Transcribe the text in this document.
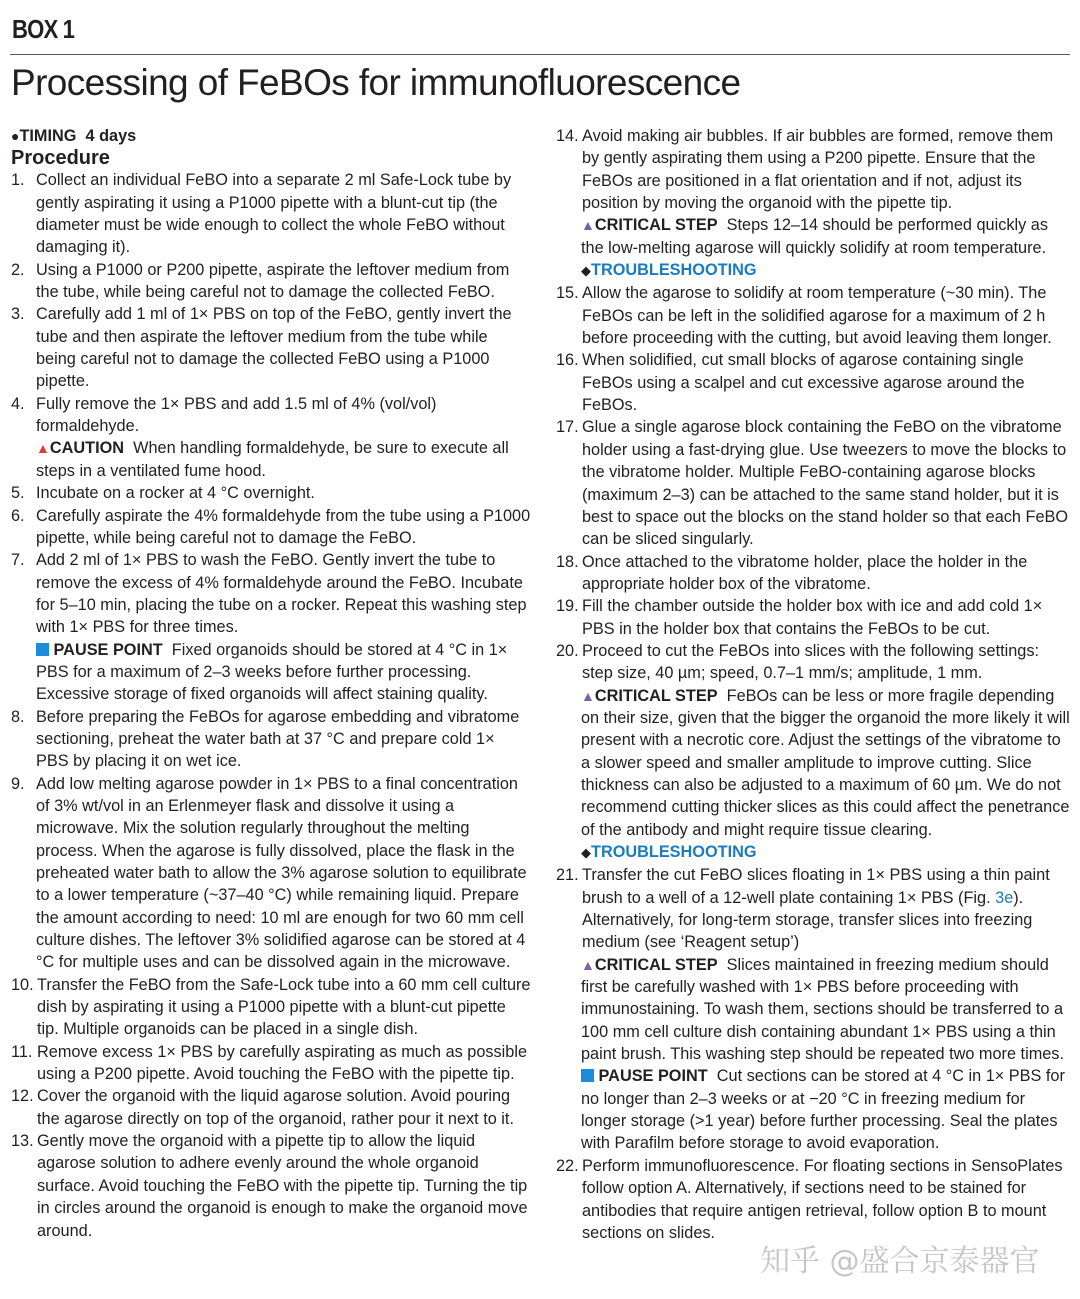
BOX 1
Processing of FeBOs for immunofluorescence
●TIMING 4 days
Procedure
1. Collect an individual FeBO into a separate 2 ml Safe-Lock tube by gently aspirating it using a P1000 pipette with a blunt-cut tip (the diameter must be wide enough to collect the whole FeBO without damaging it).
2. Using a P1000 or P200 pipette, aspirate the leftover medium from the tube, while being careful not to damage the collected FeBO.
3. Carefully add 1 ml of 1× PBS on top of the FeBO, gently invert the tube and then aspirate the leftover medium from the tube while being careful not to damage the collected FeBO using a P1000 pipette.
4. Fully remove the 1× PBS and add 1.5 ml of 4% (vol/vol) formaldehyde.
▲CAUTION When handling formaldehyde, be sure to execute all steps in a ventilated fume hood.
5. Incubate on a rocker at 4 °C overnight.
6. Carefully aspirate the 4% formaldehyde from the tube using a P1000 pipette, while being careful not to damage the FeBO.
7. Add 2 ml of 1× PBS to wash the FeBO. Gently invert the tube to remove the excess of 4% formaldehyde around the FeBO. Incubate for 5–10 min, placing the tube on a rocker. Repeat this washing step with 1× PBS for three times.
PAUSE POINT Fixed organoids should be stored at 4 °C in 1× PBS for a maximum of 2–3 weeks before further processing. Excessive storage of fixed organoids will affect staining quality.
8. Before preparing the FeBOs for agarose embedding and vibratome sectioning, preheat the water bath at 37 °C and prepare cold 1× PBS by placing it on wet ice.
9. Add low melting agarose powder in 1× PBS to a final concentration of 3% wt/vol in an Erlenmeyer flask and dissolve it using a microwave. Mix the solution regularly throughout the melting process. When the agarose is fully dissolved, place the flask in the preheated water bath to allow the 3% agarose solution to equilibrate to a lower temperature (~37–40 °C) while remaining liquid. Prepare the amount according to need: 10 ml are enough for two 60 mm cell culture dishes. The leftover 3% solidified agarose can be stored at 4 °C for multiple uses and can be dissolved again in the microwave.
10. Transfer the FeBO from the Safe-Lock tube into a 60 mm cell culture dish by aspirating it using a P1000 pipette with a blunt-cut pipette tip. Multiple organoids can be placed in a single dish.
11. Remove excess 1× PBS by carefully aspirating as much as possible using a P200 pipette. Avoid touching the FeBO with the pipette tip.
12. Cover the organoid with the liquid agarose solution. Avoid pouring the agarose directly on top of the organoid, rather pour it next to it.
13. Gently move the organoid with a pipette tip to allow the liquid agarose solution to adhere evenly around the whole organoid surface. Avoid touching the FeBO with the pipette tip. Turning the tip in circles around the organoid is enough to make the organoid move around.
14. Avoid making air bubbles. If air bubbles are formed, remove them by gently aspirating them using a P200 pipette. Ensure that the FeBOs are positioned in a flat orientation and if not, adjust its position by moving the organoid with the pipette tip.
▲CRITICAL STEP Steps 12–14 should be performed quickly as the low-melting agarose will quickly solidify at room temperature.
◆TROUBLESHOOTING
15. Allow the agarose to solidify at room temperature (~30 min). The FeBOs can be left in the solidified agarose for a maximum of 2 h before proceeding with the cutting, but avoid leaving them longer.
16. When solidified, cut small blocks of agarose containing single FeBOs using a scalpel and cut excessive agarose around the FeBOs.
17. Glue a single agarose block containing the FeBO on the vibratome holder using a fast-drying glue. Use tweezers to move the blocks to the vibratome holder. Multiple FeBO-containing agarose blocks (maximum 2–3) can be attached to the same stand holder, but it is best to space out the blocks on the stand holder so that each FeBO can be sliced singularly.
18. Once attached to the vibratome holder, place the holder in the appropriate holder box of the vibratome.
19. Fill the chamber outside the holder box with ice and add cold 1× PBS in the holder box that contains the FeBOs to be cut.
20. Proceed to cut the FeBOs into slices with the following settings: step size, 40 µm; speed, 0.7–1 mm/s; amplitude, 1 mm.
▲CRITICAL STEP FeBOs can be less or more fragile depending on their size, given that the bigger the organoid the more likely it will present with a necrotic core. Adjust the settings of the vibratome to a slower speed and smaller amplitude to improve cutting. Slice thickness can also be adjusted to a maximum of 60 µm. We do not recommend cutting thicker slices as this could affect the penetrance of the antibody and might require tissue clearing.
◆TROUBLESHOOTING
21. Transfer the cut FeBO slices floating in 1× PBS using a thin paint brush to a well of a 12-well plate containing 1× PBS (Fig. 3e). Alternatively, for long-term storage, transfer slices into freezing medium (see ‘Reagent setup’)
▲CRITICAL STEP Slices maintained in freezing medium should first be carefully washed with 1× PBS before proceeding with immunostaining. To wash them, sections should be transferred to a 100 mm cell culture dish containing abundant 1× PBS using a thin paint brush. This washing step should be repeated two more times.
PAUSE POINT Cut sections can be stored at 4 °C in 1× PBS for no longer than 2–3 weeks or at −20 °C in freezing medium for longer storage (>1 year) before further processing. Seal the plates with Parafilm before storage to avoid evaporation.
22. Perform immunofluorescence. For floating sections in SensoPlates follow option A. Alternatively, if sections need to be stained for antibodies that require antigen retrieval, follow option B to mount sections on slides.
知乎 @盛合京泰器官
